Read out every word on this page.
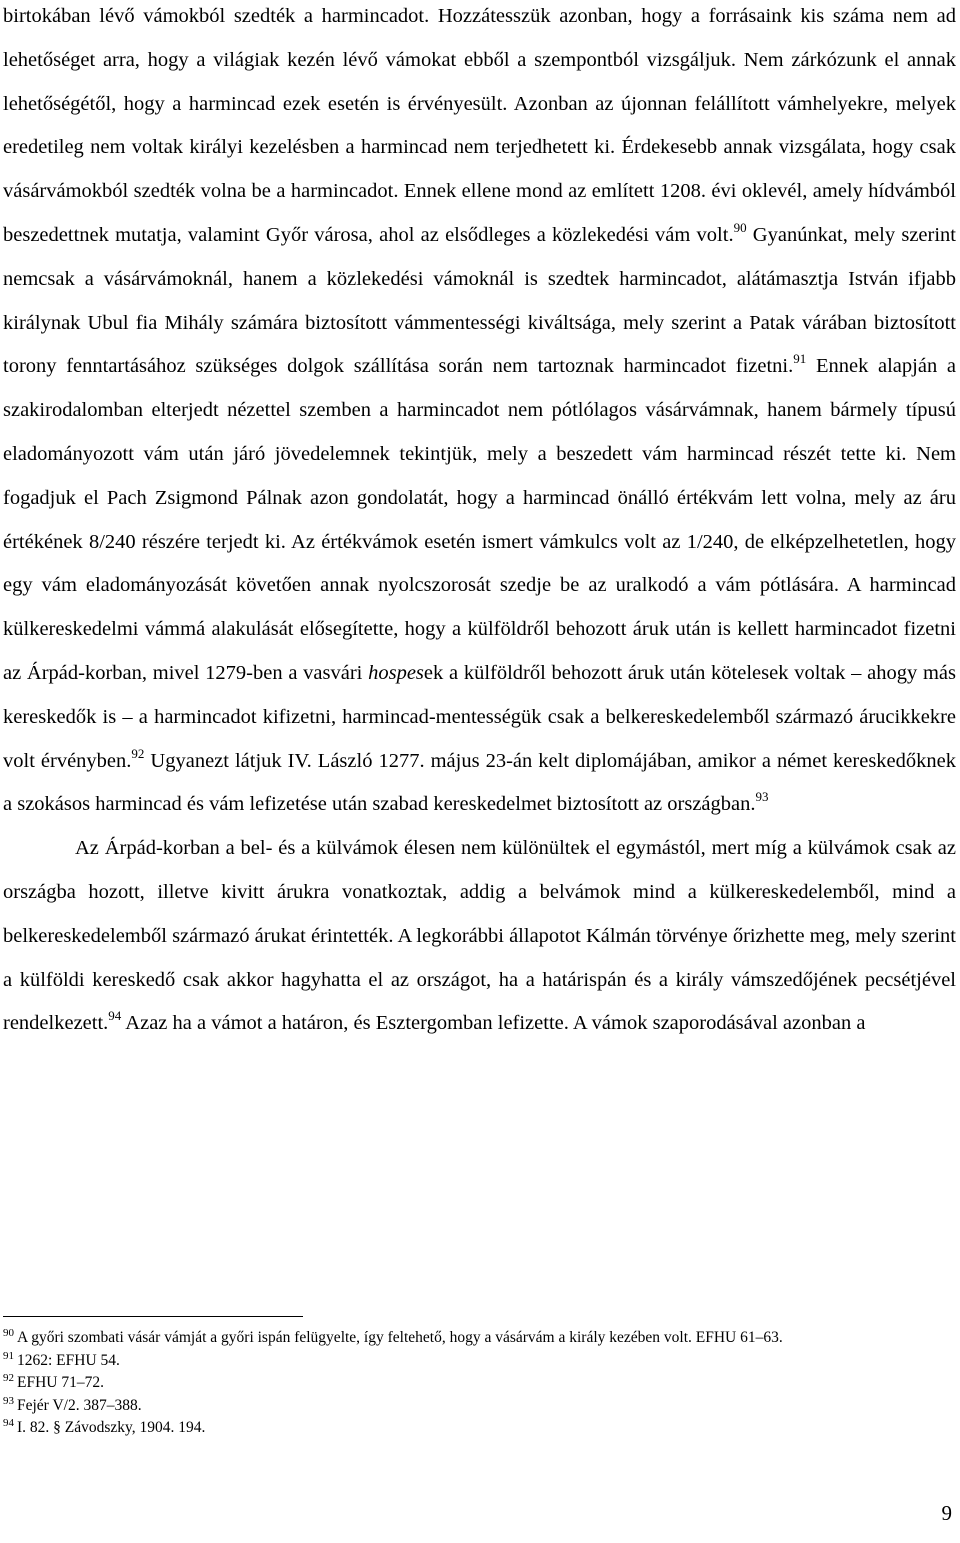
birtokában lévő vámokból szedték a harmincadot. Hozzátesszük azonban, hogy a forrásaink kis száma nem ad lehetőséget arra, hogy a világiak kezén lévő vámokat ebből a szempontból vizsgáljuk. Nem zárkózunk el annak lehetőségétől, hogy a harmincad ezek esetén is érvényesült. Azonban az újonnan felállított vámhelyekre, melyek eredetileg nem voltak királyi kezelésben a harmincad nem terjedhetett ki. Érdekesebb annak vizsgálata, hogy csak vásárvámokból szedték volna be a harmincadot. Ennek ellene mond az említett 1208. évi oklevél, amely hídvámból beszedettnek mutatja, valamint Győr városa, ahol az elsődleges a közlekedési vám volt.$^{90}$ Gyanúnkat, mely szerint nemcsak a vásárvámoknál, hanem a közlekedési vámoknál is szedtek harmincadot, alátámasztja István ifjabb királynak Ubul fia Mihály számára biztosított vámmentességi kiváltsága, mely szerint a Patak várában biztosított torony fenntartásához szükséges dolgok szállítása során nem tartoznak harmincadot fizetni.$^{91}$ Ennek alapján a szakirodalomban elterjedt nézettel szemben a harmincadot nem pótlólagos vásárvámnak, hanem bármely típusú eladományozott vám után járó jövedelemnek tekintjük, mely a beszedett vám harmincad részét tette ki. Nem fogadjuk el Pach Zsigmond Pálnak azon gondolatát, hogy a harmincad önálló értékvám lett volna, mely az áru értékének 8/240 részére terjedt ki. Az értékvámok esetén ismert vámkulcs volt az 1/240, de elképzelhetetlen, hogy egy vám eladományozását követően annak nyolcszorosát szedje be az uralkodó a vám pótlására. A harmincad külkereskedelmi vámmá alakulását elősegítette, hogy a külföldről behozott áruk után is kellett harmincadot fizetni az Árpád-korban, mivel 1279-ben a vasvári hospesek a külföldről behozott áruk után kötelesek voltak – ahogy más kereskedők is – a harmincadot kifizetni, harmincad-mentességük csak a belkereskedelemből származó árucikkekre volt érvényben.$^{92}$ Ugyanezt látjuk IV. László 1277. május 23-án kelt diplomájában, amikor a német kereskedőknek a szokásos harmincad és vám lefizetése után szabad kereskedelmet biztosított az országban.$^{93}$

Az Árpád-korban a bel- és a külvámok élesen nem különültek el egymástól, mert míg a külvámok csak az országba hozott, illetve kivitt árukra vonatkoztak, addig a belvámok mind a külkereskedelemből, mind a belkereskedelemből származó árukat érintették. A legkorábbi állapotot Kálmán törvénye őrizhette meg, mely szerint a külföldi kereskedő csak akkor hagyhatta el az országot, ha a határispán és a király vámszedőjének pecsétjével rendelkezett.$^{94}$ Azaz ha a vámot a határon, és Esztergomban lefizette. A vámok szaporodásával azonban a

$^{90}$ A győri szombati vásár vámját a győri ispán felügyelte, így feltehető, hogy a vásárvám a király kezében volt. EFHU 61–63.

$^{91}$ 1262: EFHU 54.

$^{92}$ EFHU 71–72.

$^{93}$ Fejér V/2. 387–388.

$^{94}$ I. 82. § Závodszky, 1904. 194.

9
